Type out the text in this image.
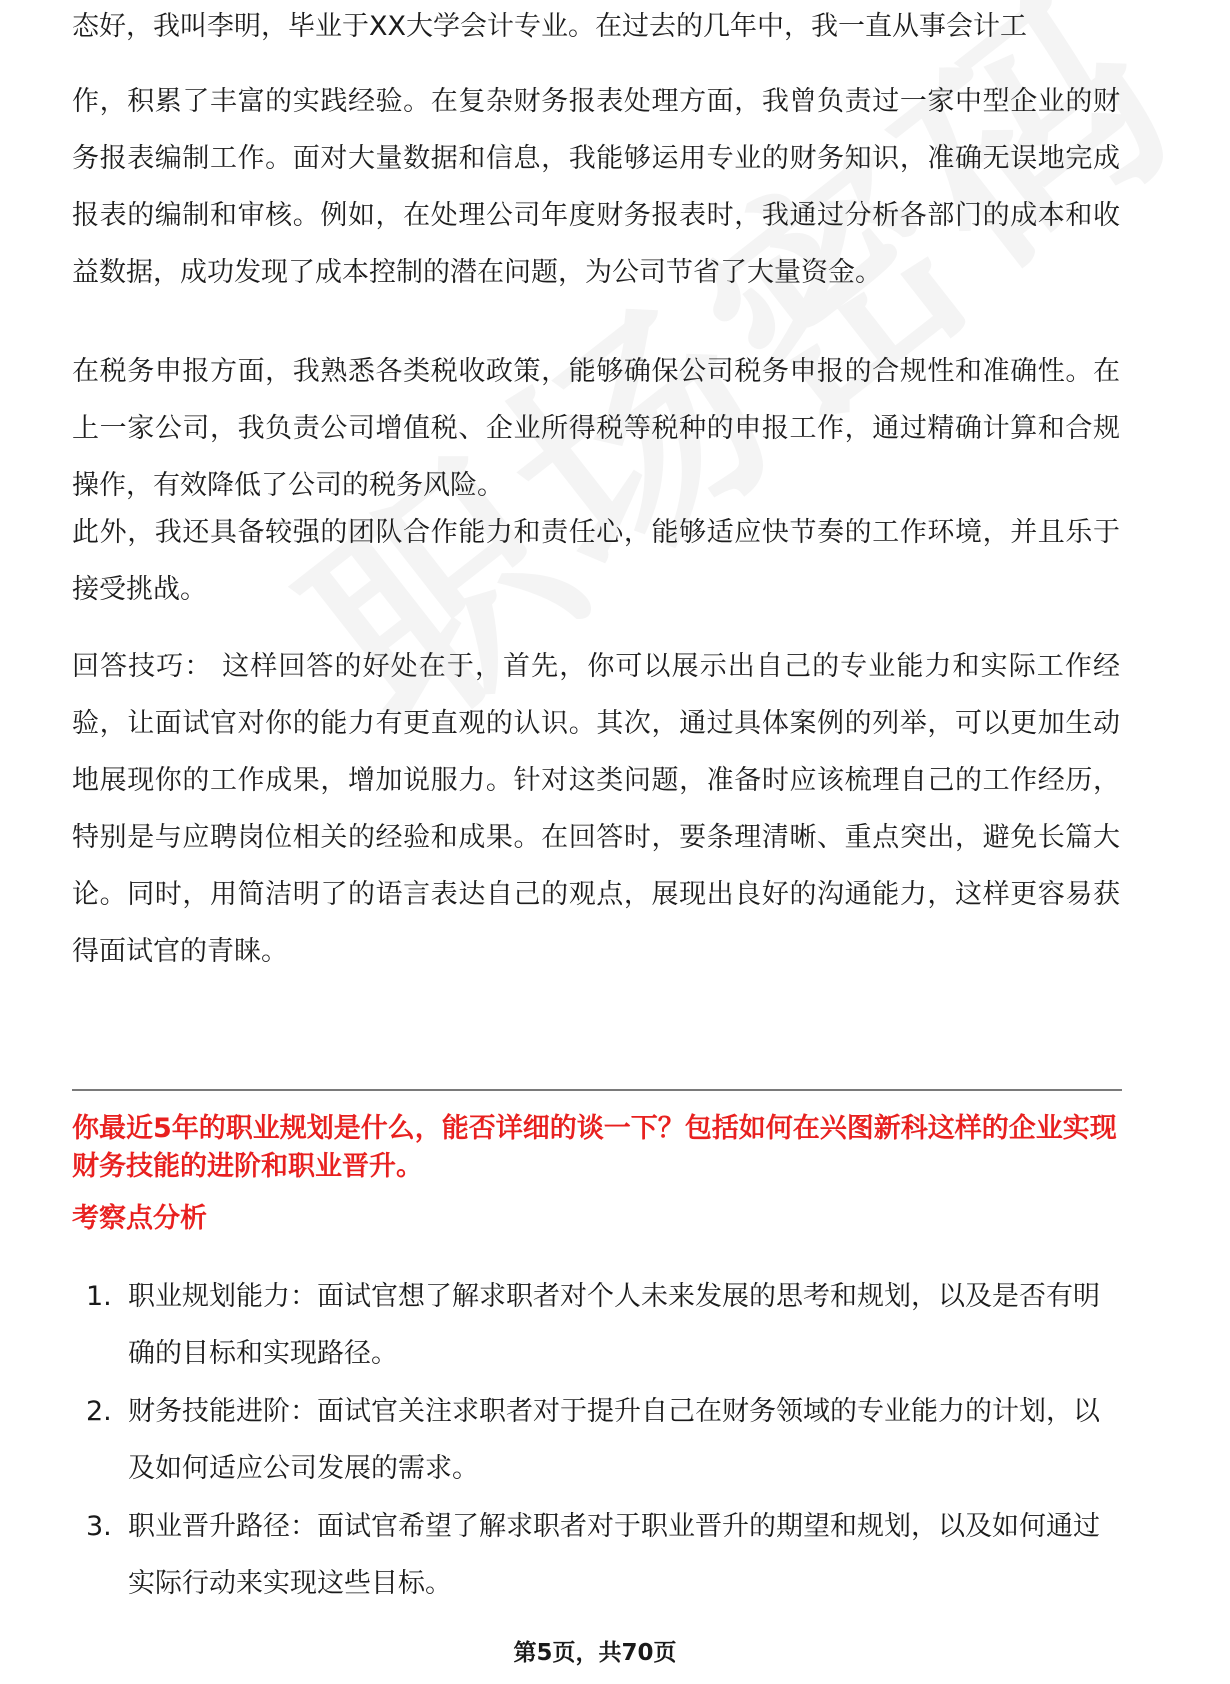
态好，我叫李明，毕业于XX大学会计专业。在过去的几年中，我一直从事会计工

作，积累了丰富的实践经验。在复杂财务报表处理方面，我曾负责过一家中型企业的财务报表编制工作。面对大量数据和信息，我能够运用专业的财务知识，准确无误地完成报表的编制和审核。例如，在处理公司年度财务报表时，我通过分析各部门的成本和收益数据，成功发现了成本控制的潜在问题，为公司节省了大量资金。

在税务申报方面，我熟悉各类税收政策，能够确保公司税务申报的合规性和准确性。在上一家公司，我负责公司增值税、企业所得税等税种的申报工作，通过精确计算和合规操作，有效降低了公司的税务风险。

此外，我还具备较强的团队合作能力和责任心，能够适应快节奏的工作环境，并且乐于接受挑战。

回答技巧： 这样回答的好处在于，首先，你可以展示出自己的专业能力和实际工作经验，让面试官对你的能力有更直观的认识。其次，通过具体案例的列举，可以更加生动地展现你的工作成果，增加说服力。针对这类问题，准备时应该梳理自己的工作经历，特别是与应聘岗位相关的经验和成果。在回答时，要条理清晰、重点突出，避免长篇大论。同时，用简洁明了的语言表达自己的观点，展现出良好的沟通能力，这样更容易获得面试官的青睐。

你最近5年的职业规划是什么，能否详细的谈一下？包括如何在兴图新科这样的企业实现财务技能的进阶和职业晋升。

考察点分析

1. 职业规划能力：面试官想了解求职者对个人未来发展的思考和规划，以及是否有明确的目标和实现路径。
2. 财务技能进阶：面试官关注求职者对于提升自己在财务领域的专业能力的计划，以及如何适应公司发展的需求。
3. 职业晋升路径：面试官希望了解求职者对于职业晋升的期望和规划，以及如何通过实际行动来实现这些目标。
第5页，共70页
